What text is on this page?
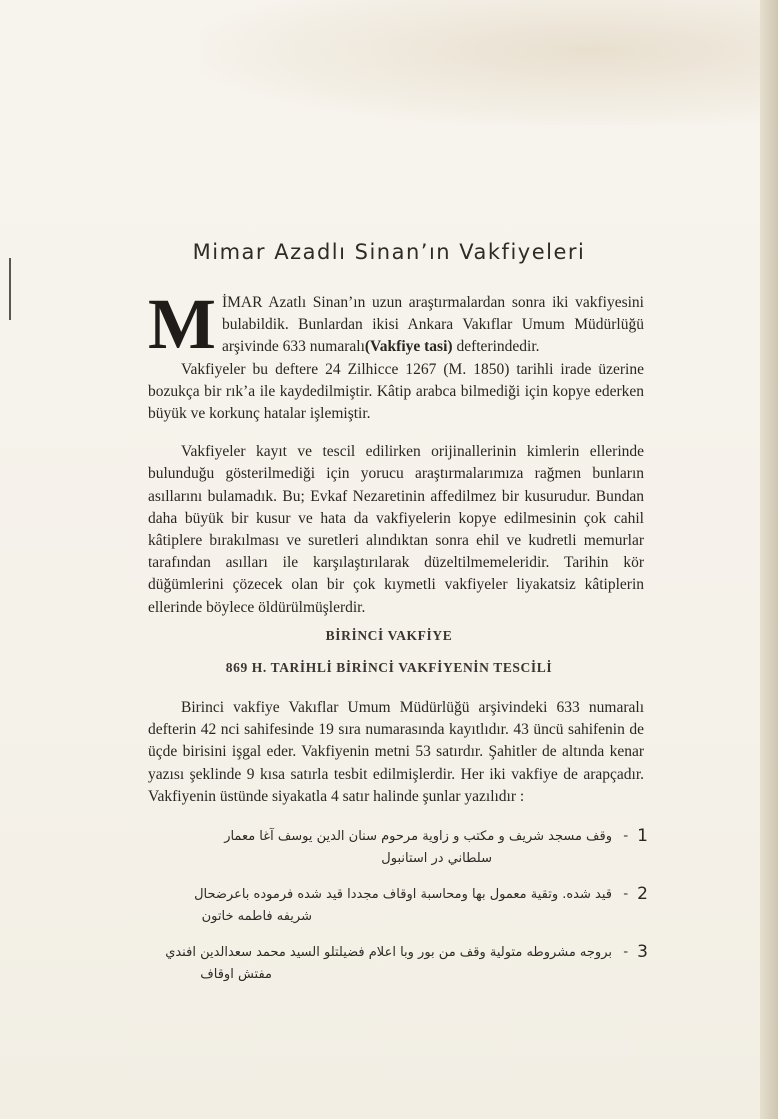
Mimar Azadlı Sinan’ın Vakfiyeleri

MİMAR Azatlı Sinan’ın uzun araştırmalardan sonra iki vakfiyesini bulabildik. Bunlardan ikisi Ankara Vakıflar Umum Müdürlüğü arşivinde 633 numaralı(Vakfiye tasi) defterindedir.

Vakfiyeler bu deftere 24 Zilhicce 1267 (M. 1850) tarihli irade üzerine bozukça bir rık’a ile kaydedilmiştir. Kâtip arabca bilmediği için kopye ederken büyük ve korkunç hatalar işlemiştir.

Vakfiyeler kayıt ve tescil edilirken orijinallerinin kimlerin ellerinde bulunduğu gösterilmediği için yorucu araştırmalarımıza rağmen bunların asıllarını bulamadık. Bu; Evkaf Nezaretinin affedilmez bir kusurudur. Bundan daha büyük bir kusur ve hata da vakfiyelerin kopye edilmesinin çok cahil kâtiplere bırakılması ve suretleri alındıktan sonra ehil ve kudretli memurlar tarafından asılları ile karşılaştırılarak düzeltilmemeleridir. Tarihin kör düğümlerini çözecek olan bir çok kıymetli vakfiyeler liyakatsiz kâtiplerin ellerinde böylece öldürülmüşlerdir.

BİRİNCİ VAKFİYE
869 H. TARİHLİ BİRİNCİ VAKFİYENİN TESCİLİ

Birinci vakfiye Vakıflar Umum Müdürlüğü arşivindeki 633 numaralı defterin 42 nci sahifesinde 19 sıra numarasında kayıtlıdır. 43 üncü sahifenin de üçde birisini işgal eder. Vakfiyenin metni 53 satırdır. Şahitler de altında kenar yazısı şeklinde 9 kısa satırla tesbit edilmişlerdir. Her iki vakfiye de arapçadır. Vakfiyenin üstünde siyakatla 4 satır halinde şunlar yazılıdır :

1
-
وقف مسجد شريف و مكتب و زاوية مرحوم سنان الدين يوسف آغا معمار
سلطاني در استانبول
2
-
قيد شده. وتقية معمول بها ومحاسبة اوقاف مجددا قيد شده فرموده باعرضحال
شريفه فاطمه خاتون
3
-
بروجه مشروطه متولية وقف من بور وبا اعلام فضيلتلو السيد محمد سعدالدين افندي
مفتش اوقاف
